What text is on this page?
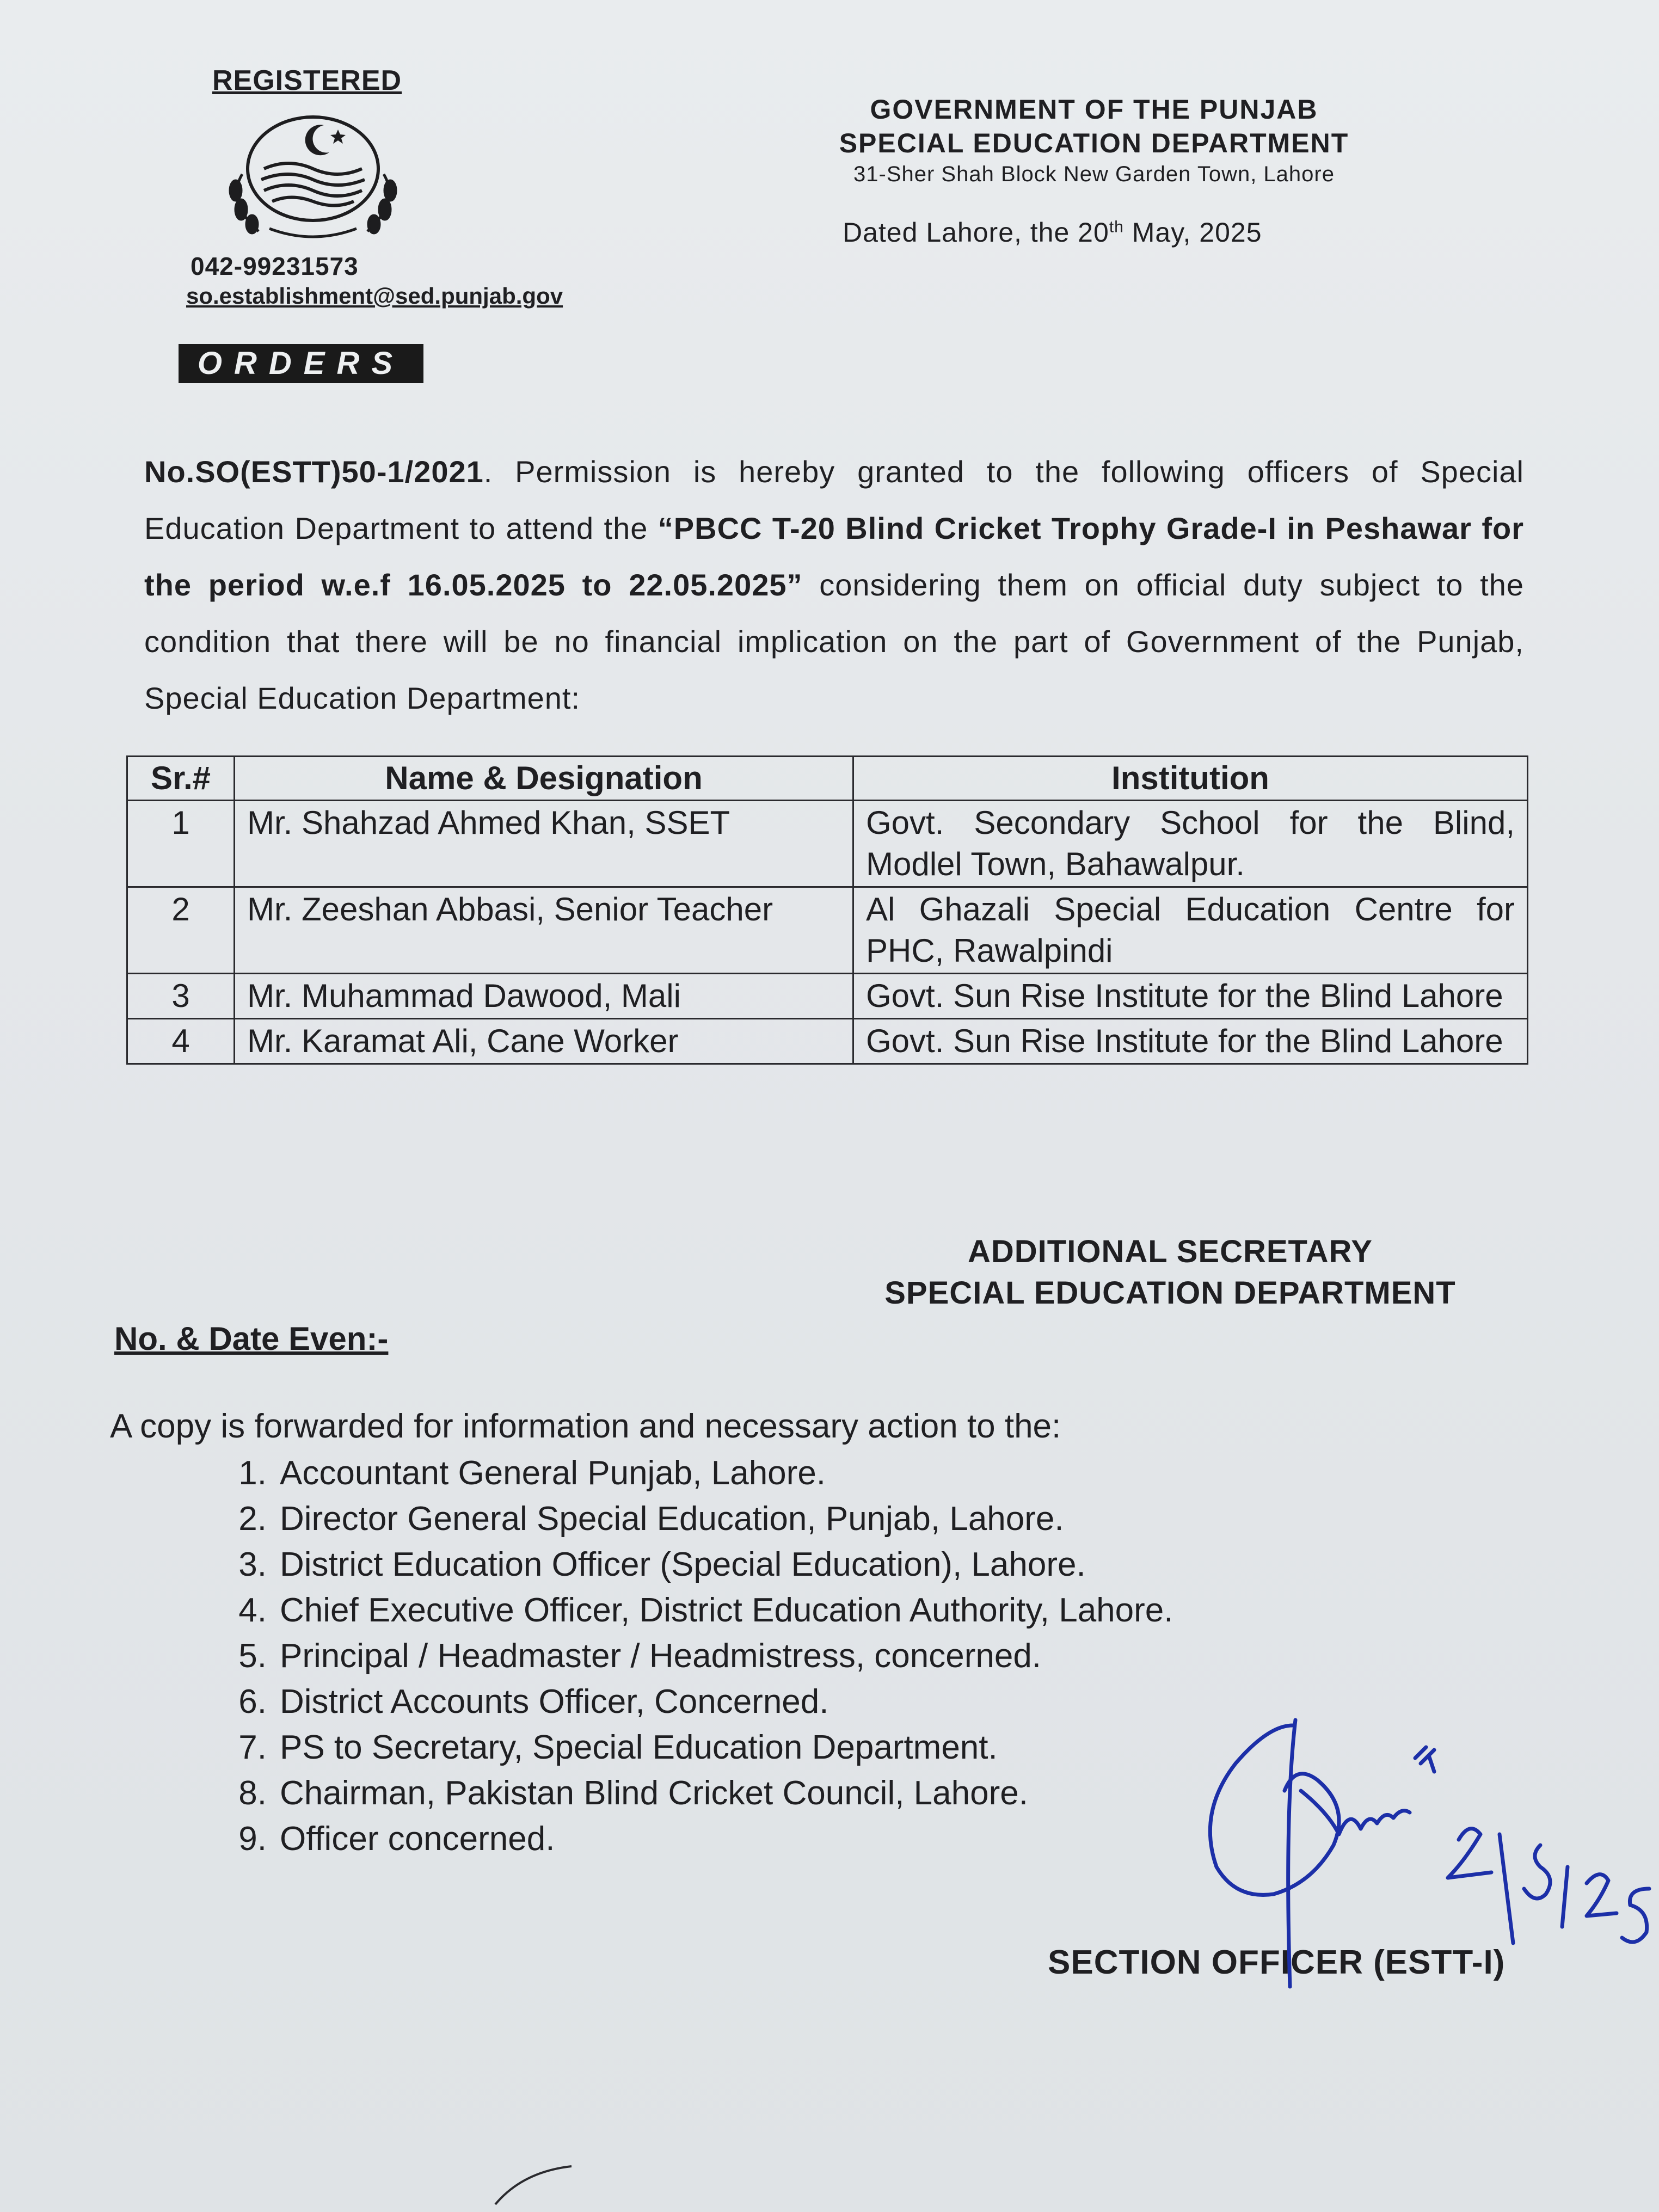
REGISTERED
042-99231573
so.establishment@sed.punjab.gov
ORDERS
GOVERNMENT OF THE PUNJAB
SPECIAL EDUCATION DEPARTMENT
31-Sher Shah Block New Garden Town, Lahore
Dated Lahore, the 20th May, 2025
No.SO(ESTT)50-1/2021. Permission is hereby granted to the following officers of Special Education Department to attend the “PBCC T-20 Blind Cricket Trophy Grade-I in Peshawar for the period w.e.f 16.05.2025 to 22.05.2025” considering them on official duty subject to the condition that there will be no financial implication on the part of Government of the Punjab, Special Education Department:
Sr.#	Name & Designation	Institution
1	Mr. Shahzad Ahmed Khan, SSET	Govt. Secondary School for the Blind, Modlel Town, Bahawalpur.
2	Mr. Zeeshan Abbasi, Senior Teacher	Al Ghazali Special Education Centre for PHC, Rawalpindi
3	Mr. Muhammad Dawood, Mali	Govt. Sun Rise Institute for the Blind Lahore
4	Mr. Karamat Ali, Cane Worker	Govt. Sun Rise Institute for the Blind Lahore
ADDITIONAL SECRETARY
SPECIAL EDUCATION DEPARTMENT
No. & Date Even:-
A copy is forwarded for information and necessary action to the:
1. Accountant General Punjab, Lahore.
2. Director General Special Education, Punjab, Lahore.
3. District Education Officer (Special Education), Lahore.
4. Chief Executive Officer, District Education Authority, Lahore.
5. Principal / Headmaster / Headmistress, concerned.
6. District Accounts Officer, Concerned.
7. PS to Secretary, Special Education Department.
8. Chairman, Pakistan Blind Cricket Council, Lahore.
9. Officer concerned.
SECTION OFFICER (ESTT-I)
